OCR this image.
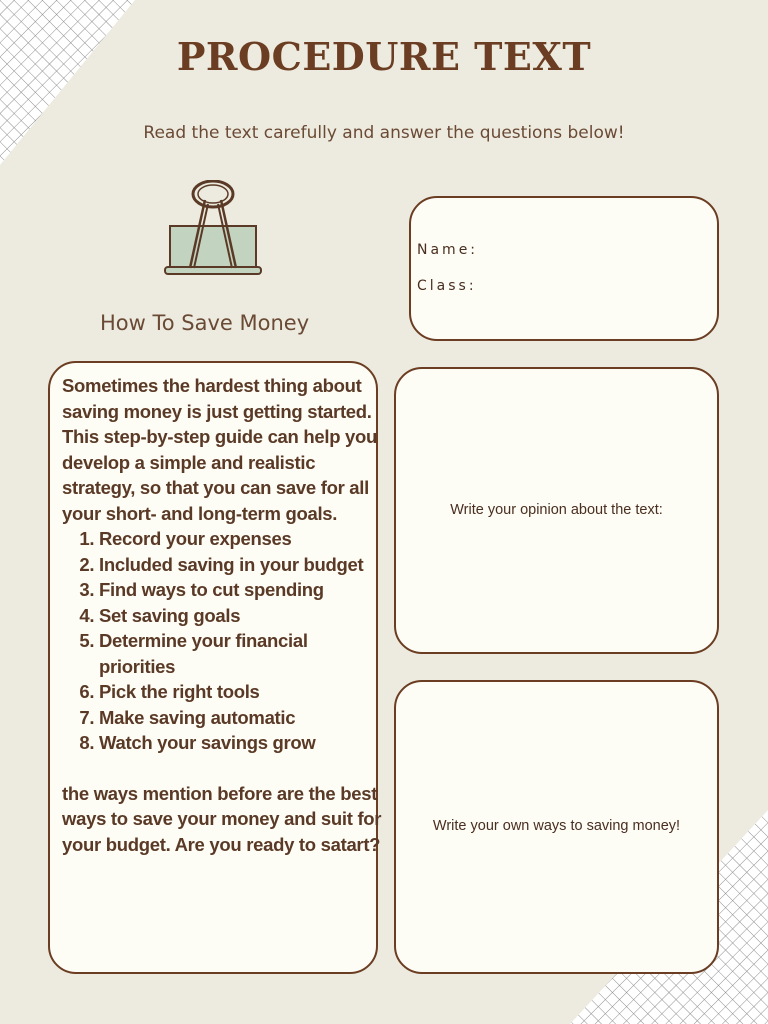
PROCEDURE TEXT
Read the text carefully and answer the questions below!
How To Save Money
Name:
Class:

Sometimes the hardest thing about saving money is just getting started. This step-by-step guide can help you develop a simple and realistic strategy, so that you can save for all your short- and long-term goals.

1. Record your expenses
2. Included saving in your budget
3. Find ways to cut spending
4. Set saving goals
5. Determine your financial priorities
6. Pick the right tools
7. Make saving automatic
8. Watch your savings grow

the ways mention before are the best ways to save your money and suit for your budget. Are you ready to satart?

Write your opinion about the text:
Write your own ways to saving money!
